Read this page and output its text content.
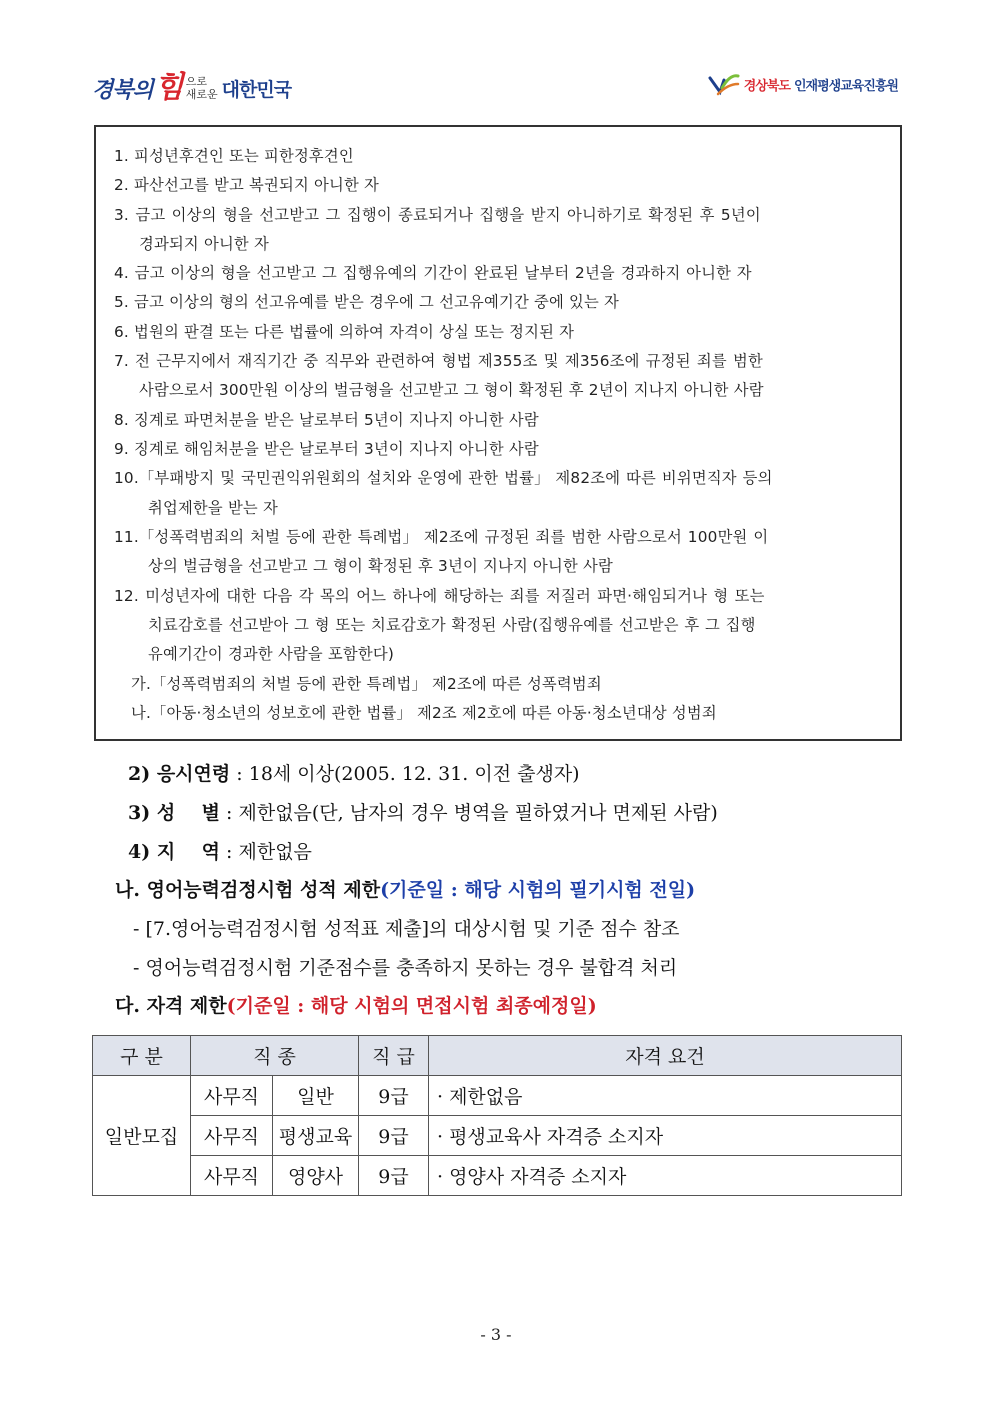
경북의 힘 으로
새로운 대한민국	경상북도 인재평생교육진흥원
1. 피성년후견인 또는 피한정후견인
2. 파산선고를 받고 복권되지 아니한 자
3. 금고 이상의 형을 선고받고 그 집행이 종료되거나 집행을 받지 아니하기로 확정된 후 5년이
경과되지 아니한 자
4. 금고 이상의 형을 선고받고 그 집행유예의 기간이 완료된 날부터 2년을 경과하지 아니한 자
5. 금고 이상의 형의 선고유예를 받은 경우에 그 선고유예기간 중에 있는 자
6. 법원의 판결 또는 다른 법률에 의하여 자격이 상실 또는 정지된 자
7. 전 근무지에서 재직기간 중 직무와 관련하여 형법 제355조 및 제356조에 규정된 죄를 범한
사람으로서 300만원 이상의 벌금형을 선고받고 그 형이 확정된 후 2년이 지나지 아니한 사람
8. 징계로 파면처분을 받은 날로부터 5년이 지나지 아니한 사람
9. 징계로 해임처분을 받은 날로부터 3년이 지나지 아니한 사람
10.「부패방지 및 국민권익위원회의 설치와 운영에 관한 법률」 제82조에 따른 비위면직자 등의
취업제한을 받는 자
11.「성폭력범죄의 처벌 등에 관한 특례법」 제2조에 규정된 죄를 범한 사람으로서 100만원 이
상의 벌금형을 선고받고 그 형이 확정된 후 3년이 지나지 아니한 사람
12. 미성년자에 대한 다음 각 목의 어느 하나에 해당하는 죄를 저질러 파면·해임되거나 형 또는
치료감호를 선고받아 그 형 또는 치료감호가 확정된 사람(집행유예를 선고받은 후 그 집행
유예기간이 경과한 사람을 포함한다)
가.「성폭력범죄의 처벌 등에 관한 특례법」 제2조에 따른 성폭력범죄
나.「아동·청소년의 성보호에 관한 법률」 제2조 제2호에 따른 아동·청소년대상 성범죄
2) 응시연령 : 18세 이상(2005. 12. 31. 이전 출생자)
3) 성    별 : 제한없음(단, 남자의 경우 병역을 필하였거나 면제된 사람)
4) 지    역 : 제한없음
나. 영어능력검정시험 성적 제한(기준일 : 해당 시험의 필기시험 전일)
- [7.영어능력검정시험 성적표 제출]의 대상시험 및 기준 점수 참조
- 영어능력검정시험 기준점수를 충족하지 못하는 경우 불합격 처리
다. 자격 제한(기준일 : 해당 시험의 면접시험 최종예정일)
구 분	직 종		직 급	자격 요건
일반모집	사무직	일반	9급	· 제한없음
	사무직	평생교육	9급	· 평생교육사 자격증 소지자
	사무직	영양사	9급	· 영양사 자격증 소지자
- 3 -
